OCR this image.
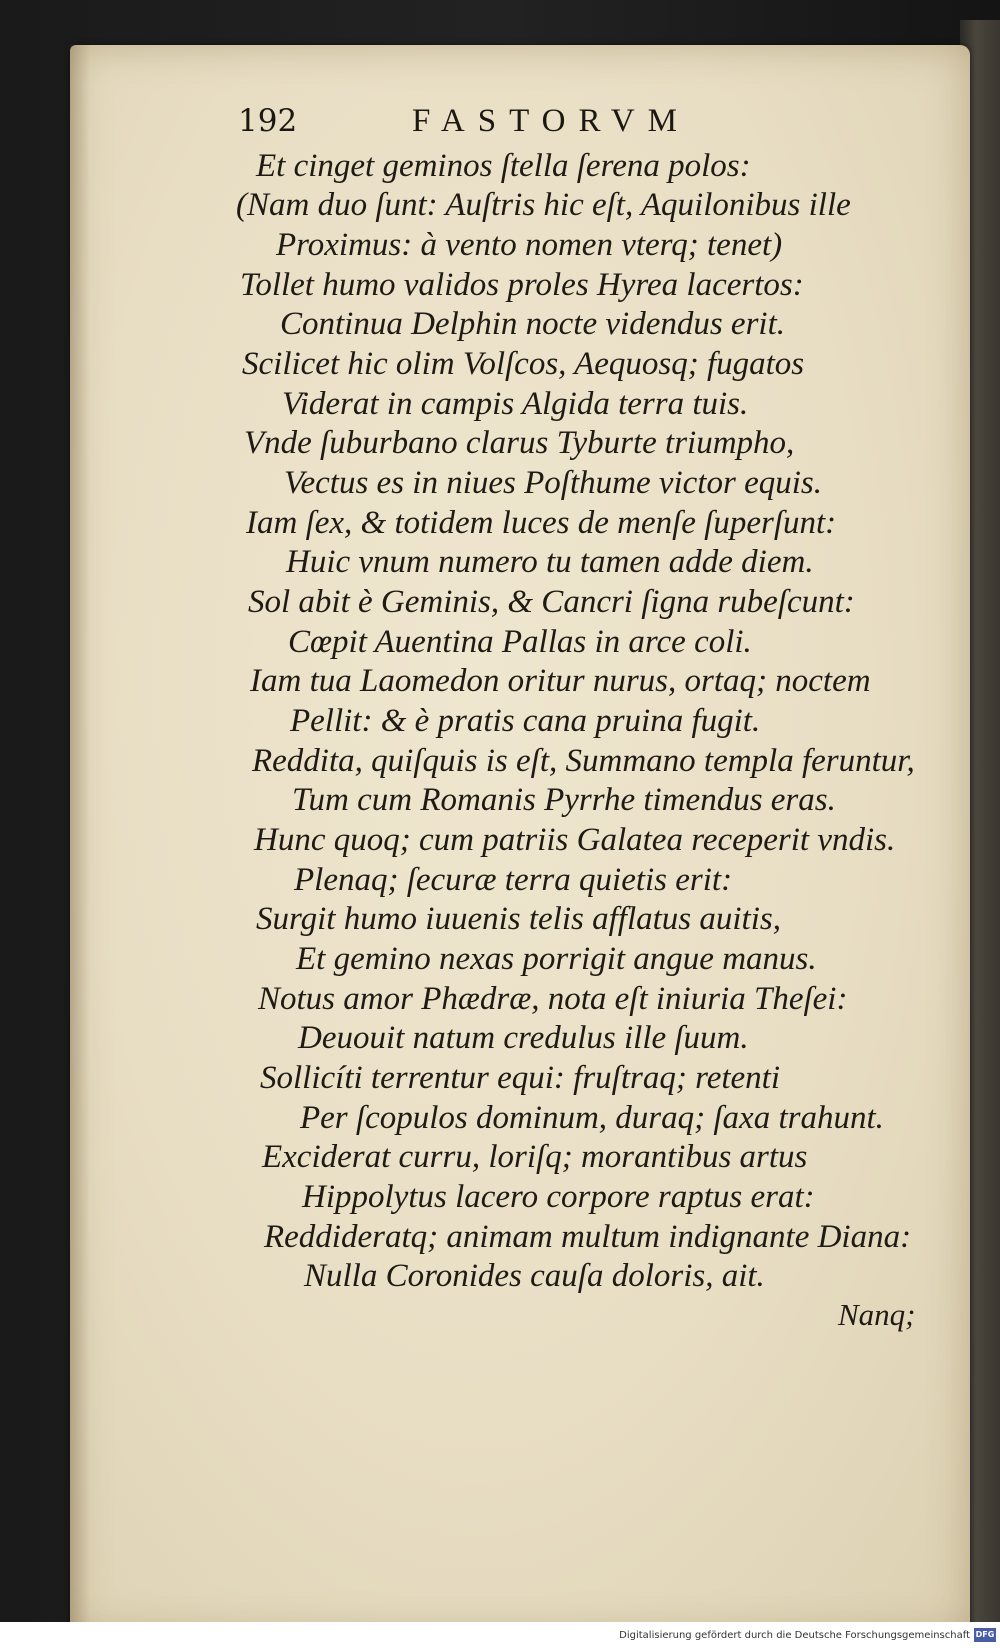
192	FASTORVM
Et cinget geminos ſtella ſerena polos:
(Nam duo ſunt: Auſtris hic eſt, Aquilonibus ille
Proximus: à vento nomen vterq; tenet)
Tollet humo validos proles Hyrea lacertos:
Continua Delphin nocte videndus erit.
Scilicet hic olim Volſcos, Aequosq; fugatos
Viderat in campis Algida terra tuis.
Vnde ſuburbano clarus Tyburte triumpho,
Vectus es in niues Poſthume victor equis.
Iam ſex, & totidem luces de menſe ſuperſunt:
Huic vnum numero tu tamen adde diem.
Sol abit è Geminis, & Cancri ſigna rubeſcunt:
Cœpit Auentina Pallas in arce coli.
Iam tua Laomedon oritur nurus, ortaq; noctem
Pellit: & è pratis cana pruina fugit.
Reddita, quiſquis is eſt, Summano templa feruntur,
Tum cum Romanis Pyrrhe timendus eras.
Hunc quoq; cum patriis Galatea receperit vndis.
Plenaq; ſecuræ terra quietis erit:
Surgit humo iuuenis telis afflatus auitis,
Et gemino nexas porrigit angue manus.
Notus amor Phædræ, nota eſt iniuria Theſei:
Deuouit natum credulus ille ſuum.
Sollicíti terrentur equi: fruſtraq; retenti
Per ſcopulos dominum, duraq; ſaxa trahunt.
Exciderat curru, loriſq; morantibus artus
Hippolytus lacero corpore raptus erat:
Reddideratq; animam multum indignante Diana:
Nulla Coronides cauſa doloris, ait.
Nanq;
Digitalisierung gefördert durch die Deutsche Forschungsgemeinschaft DFG
